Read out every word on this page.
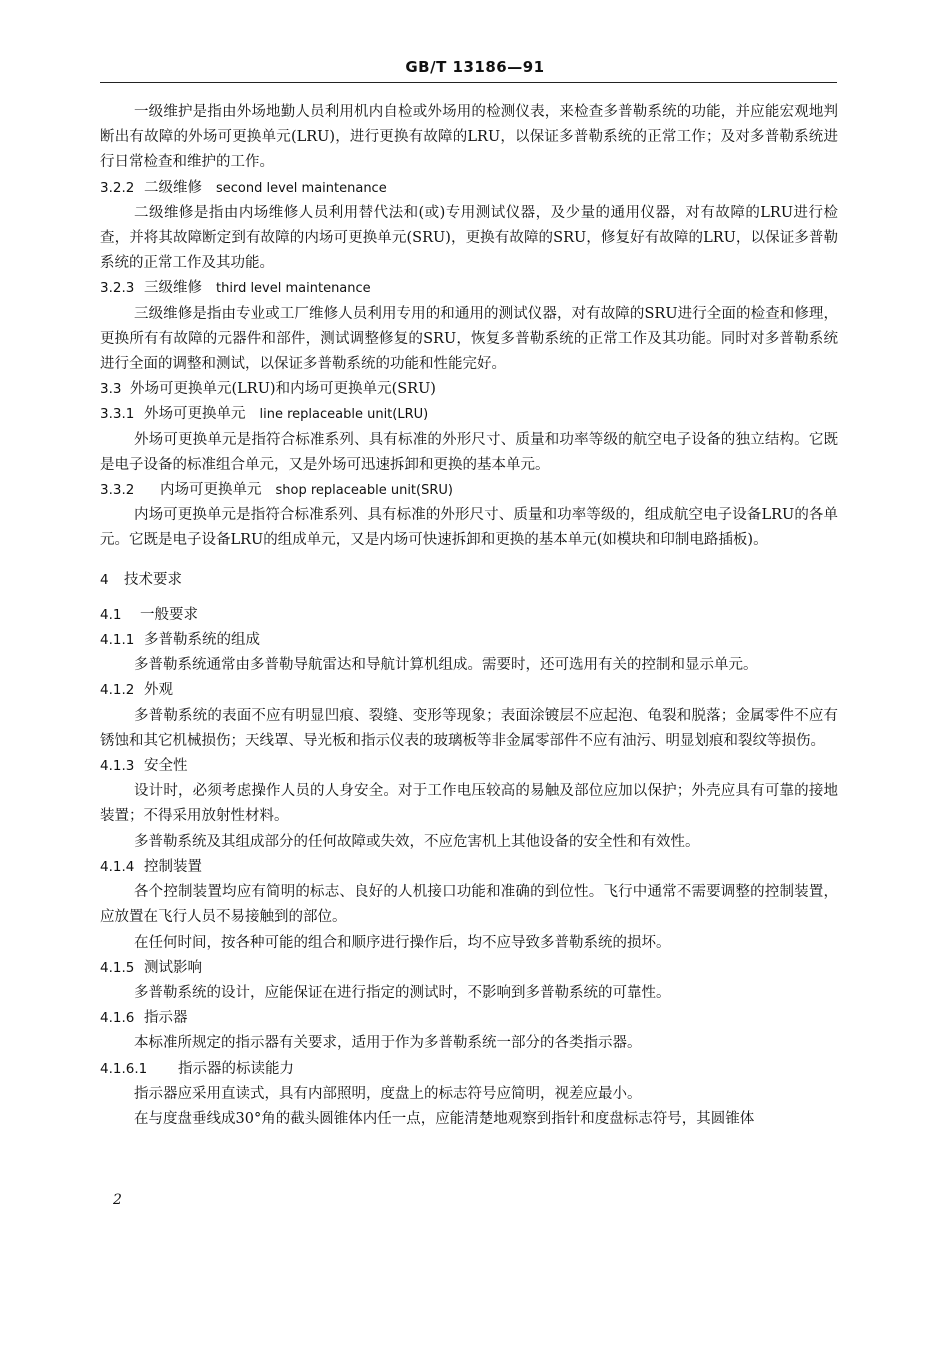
GB/T 13186—91

一级维护是指由外场地勤人员利用机内自检或外场用的检测仪表，来检查多普勒系统的功能，并应能宏观地判断出有故障的外场可更换单元(LRU)，进行更换有故障的LRU，以保证多普勒系统的正常工作；及对多普勒系统进行日常检查和维护的工作。

3.2.2 二级维修 second level maintenance

二级维修是指由内场维修人员利用替代法和(或)专用测试仪器，及少量的通用仪器，对有故障的LRU进行检查，并将其故障断定到有故障的内场可更换单元(SRU)，更换有故障的SRU，修复好有故障的LRU，以保证多普勒系统的正常工作及其功能。

3.2.3 三级维修 third level maintenance

三级维修是指由专业或工厂维修人员利用专用的和通用的测试仪器，对有故障的SRU进行全面的检查和修理，更换所有有故障的元器件和部件，测试调整修复的SRU，恢复多普勒系统的正常工作及其功能。同时对多普勒系统进行全面的调整和测试，以保证多普勒系统的功能和性能完好。

3.3 外场可更换单元(LRU)和内场可更换单元(SRU)

3.3.1 外场可更换单元 line replaceable unit(LRU)

外场可更换单元是指符合标准系列、具有标准的外形尺寸、质量和功率等级的航空电子设备的独立结构。它既是电子设备的标准组合单元，又是外场可迅速拆卸和更换的基本单元。

3.3.2 内场可更换单元 shop replaceable unit(SRU)

内场可更换单元是指符合标准系列、具有标准的外形尺寸、质量和功率等级的，组成航空电子设备LRU的各单元。它既是电子设备LRU的组成单元，又是内场可快速拆卸和更换的基本单元(如模块和印制电路插板)。

4 技术要求

4.1 一般要求

4.1.1 多普勒系统的组成

多普勒系统通常由多普勒导航雷达和导航计算机组成。需要时，还可选用有关的控制和显示单元。

4.1.2 外观

多普勒系统的表面不应有明显凹痕、裂缝、变形等现象；表面涂镀层不应起泡、龟裂和脱落；金属零件不应有锈蚀和其它机械损伤；天线罩、导光板和指示仪表的玻璃板等非金属零部件不应有油污、明显划痕和裂纹等损伤。

4.1.3 安全性

设计时，必须考虑操作人员的人身安全。对于工作电压较高的易触及部位应加以保护；外壳应具有可靠的接地装置；不得采用放射性材料。

多普勒系统及其组成部分的任何故障或失效，不应危害机上其他设备的安全性和有效性。

4.1.4 控制装置

各个控制装置均应有简明的标志、良好的人机接口功能和准确的到位性。飞行中通常不需要调整的控制装置，应放置在飞行人员不易接触到的部位。

在任何时间，按各种可能的组合和顺序进行操作后，均不应导致多普勒系统的损坏。

4.1.5 测试影响

多普勒系统的设计，应能保证在进行指定的测试时，不影响到多普勒系统的可靠性。

4.1.6 指示器

本标准所规定的指示器有关要求，适用于作为多普勒系统一部分的各类指示器。

4.1.6.1 指示器的标读能力

指示器应采用直读式，具有内部照明，度盘上的标志符号应简明，视差应最小。

在与度盘垂线成30°角的截头圆锥体内任一点，应能清楚地观察到指针和度盘标志符号，其圆锥体

2
